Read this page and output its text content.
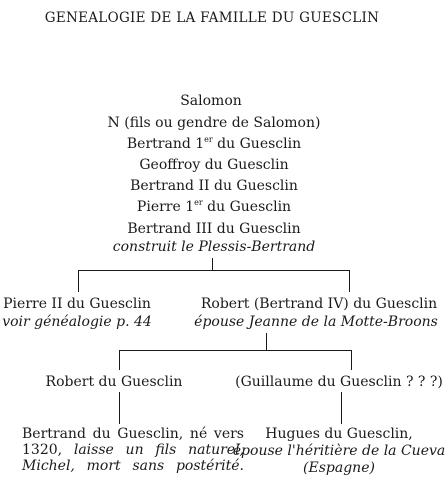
GENEALOGIE DE LA FAMILLE DU GUESCLIN
Salomon
N (fils ou gendre de Salomon)
Bertrand 1er du Guesclin
Geoffroy du Guesclin
Bertrand II du Guesclin
Pierre 1er du Guesclin
Bertrand III du Guesclin
construit le Plessis-Bertrand
Pierre II du Guesclin
voir généalogie p. 44
Robert (Bertrand IV) du Guesclin
épouse Jeanne de la Motte-Broons
Robert du Guesclin	(Guillaume du Guesclin ? ? ?)
Bertrand du Guesclin, né vers
1320, laisse un fils naturel,
Michel, mort sans postérité.
Hugues du Guesclin,
épouse l'héritière de la Cueva
(Espagne)
